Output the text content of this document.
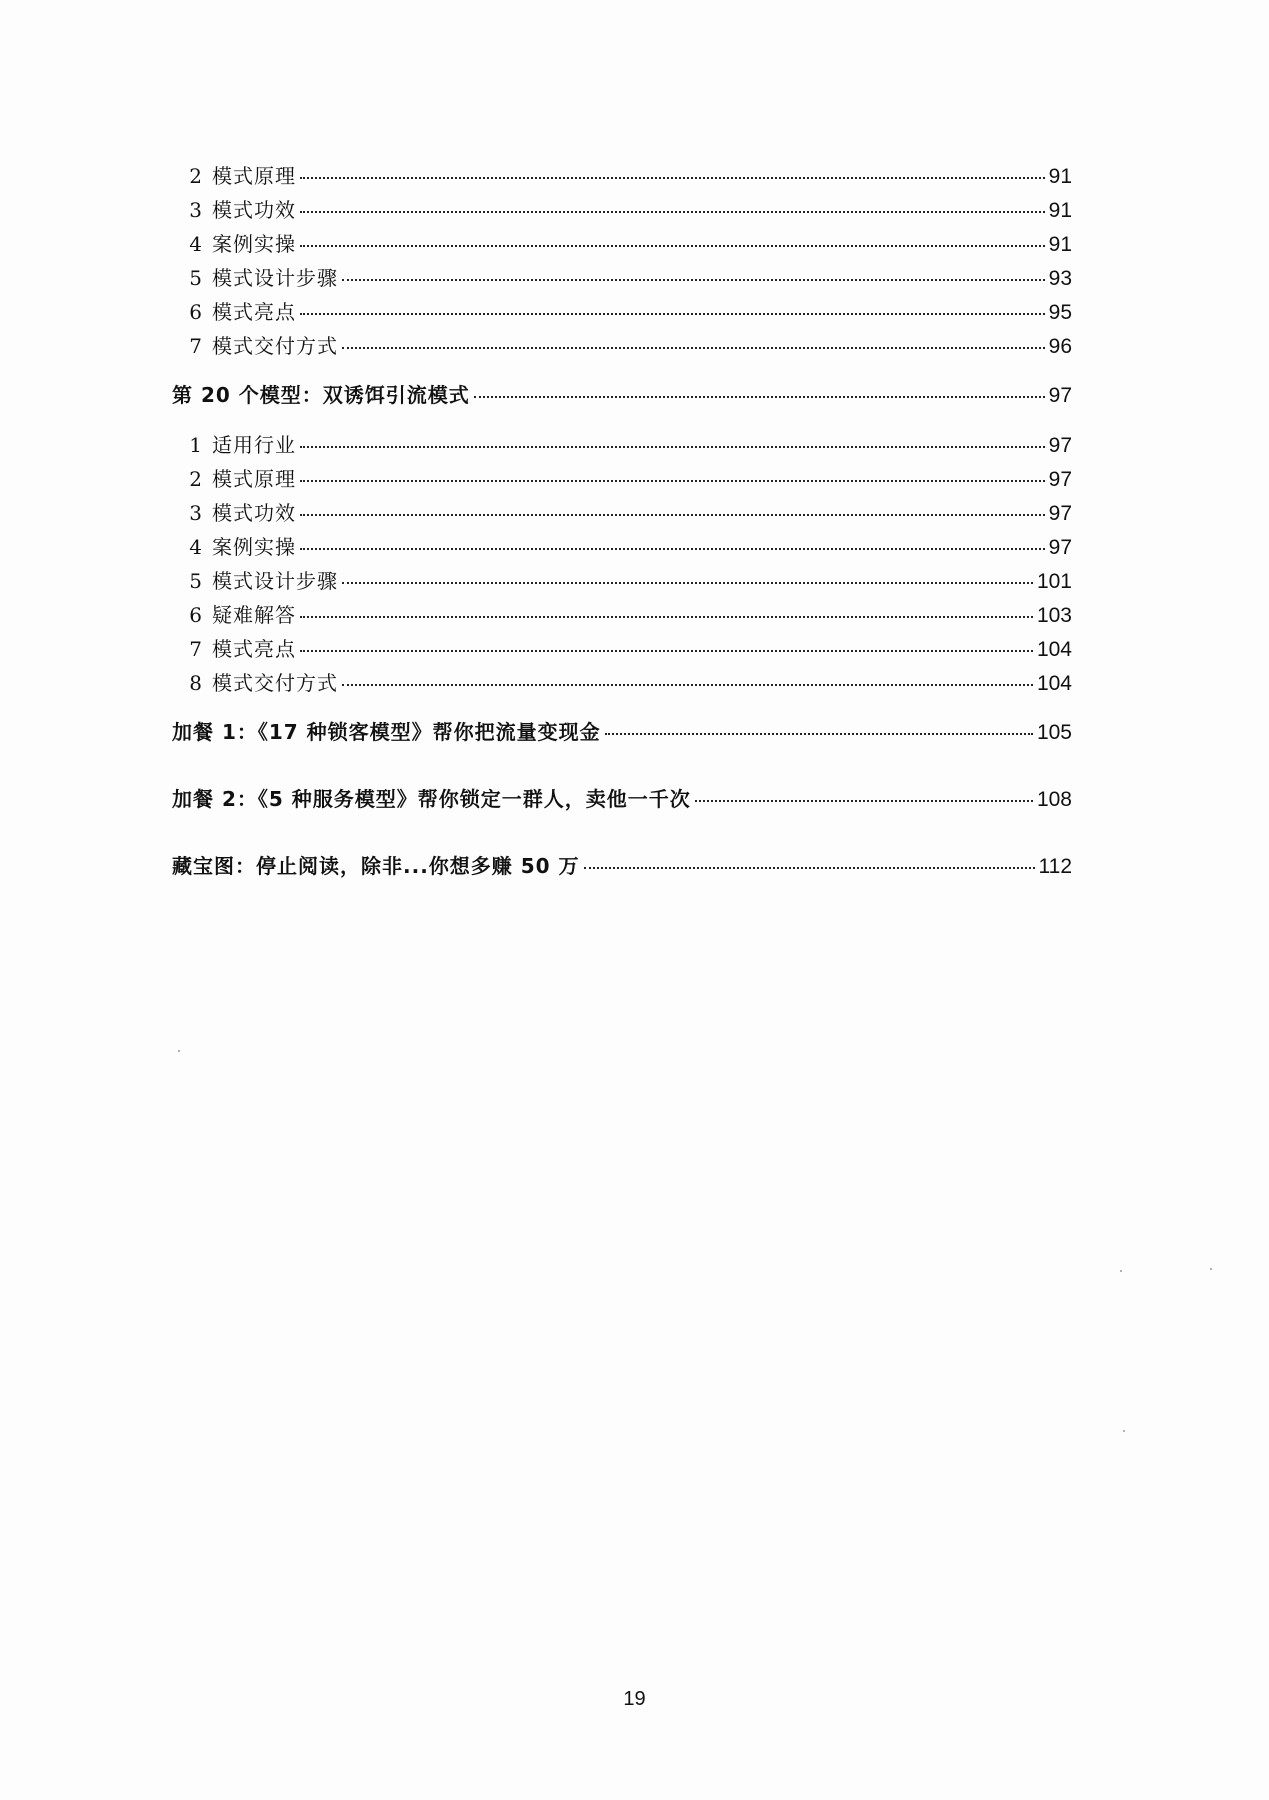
2 模式原理	91
3 模式功效	91
4 案例实操	91
5 模式设计步骤	93
6 模式亮点	95
7 模式交付方式	96
第 20 个模型：双诱饵引流模式	97
1 适用行业	97
2 模式原理	97
3 模式功效	97
4 案例实操	97
5 模式设计步骤	101
6 疑难解答	103
7 模式亮点	104
8 模式交付方式	104
加餐 1：《17 种锁客模型》帮你把流量变现金	105
加餐 2：《5 种服务模型》帮你锁定一群人，卖他一千次	108
藏宝图：停止阅读，除非...你想多赚 50 万	112
19
